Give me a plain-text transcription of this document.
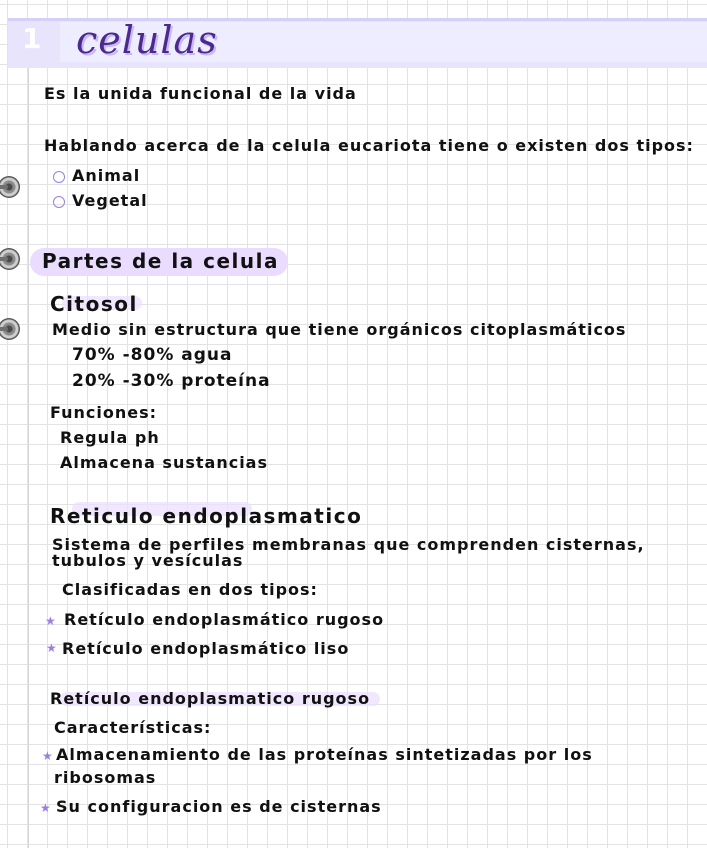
1 celulas
Es la unida funcional de la vida
Hablando acerca de la celula eucariota tiene o existen dos tipos:
Animal
Vegetal
Partes de la celula
Citosol
Medio sin estructura que tiene orgánicos citoplasmáticos
70% -80% agua
20% -30% proteína
Funciones:
Regula ph
Almacena sustancias
Reticulo endoplasmatico
Sistema de perfiles membranas que comprenden cisternas,
tubulos y vesículas
Clasificadas en dos tipos:
★ Retículo endoplasmático rugoso
★ Retículo endoplasmático liso
Retículo endoplasmatico rugoso
Características:
★ Almacenamiento de las proteínas sintetizadas por los
ribosomas
★ Su configuracion es de cisternas
